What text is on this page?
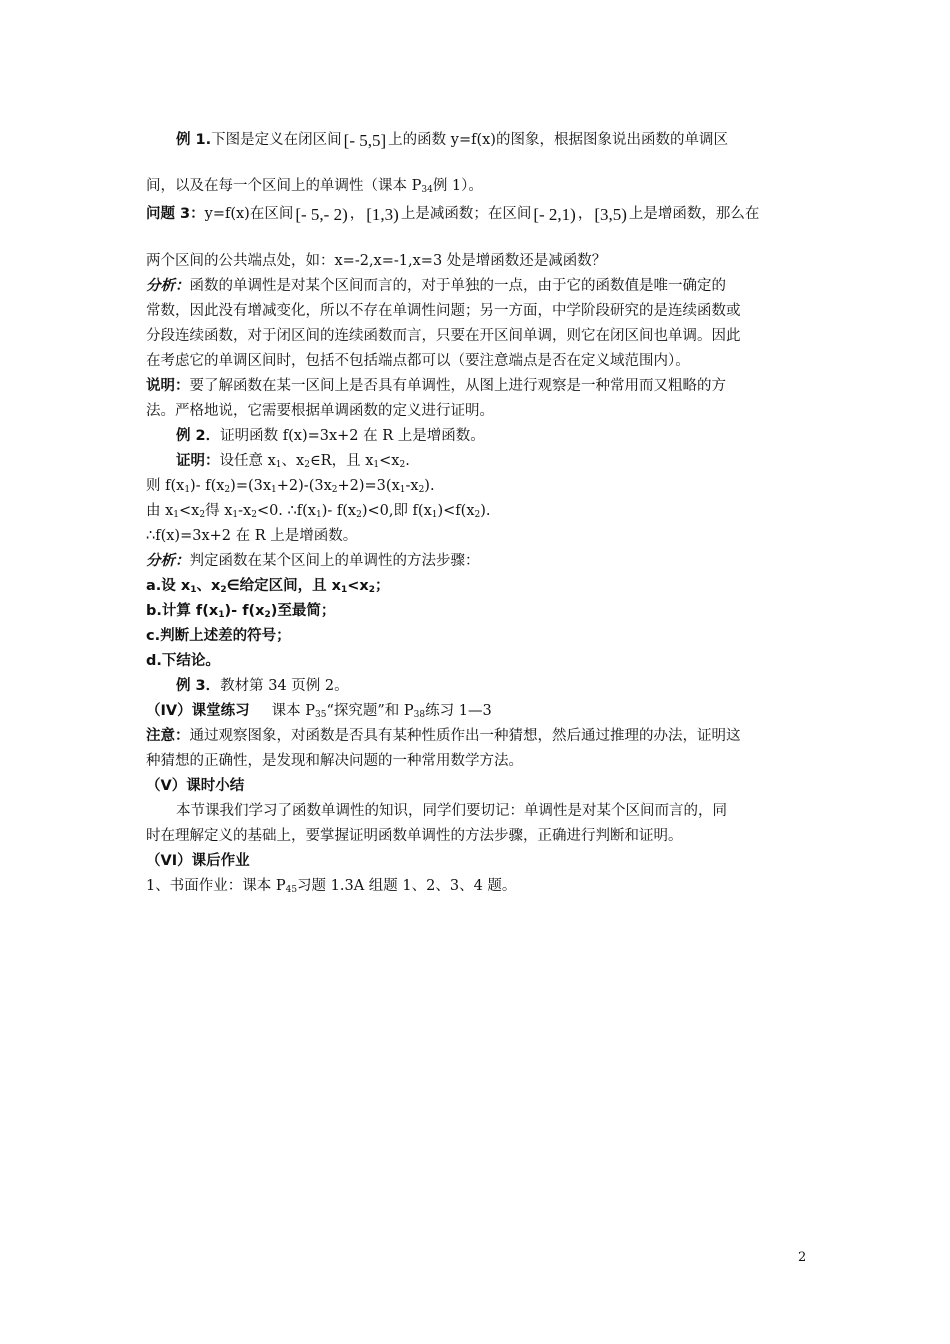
例 1.下图是定义在闭区间 [- 5,5] 上的函数 y=f(x)的图象，根据图象说出函数的单调区
间，以及在每一个区间上的单调性（课本 $P_{34}$例 1）。
问题 3：y=f(x)在区间 [- 5,- 2) ， [1,3) 上是减函数；在区间 [- 2,1) ， [3,5) 上是增函数，那么在
两个区间的公共端点处，如：x=-2,x=-1,x=3 处是增函数还是减函数？
分析：函数的单调性是对某个区间而言的，对于单独的一点，由于它的函数值是唯一确定的
常数，因此没有增减变化，所以不存在单调性问题；另一方面，中学阶段研究的是连续函数或
分段连续函数，对于闭区间的连续函数而言，只要在开区间单调，则它在闭区间也单调。因此
在考虑它的单调区间时，包括不包括端点都可以（要注意端点是否在定义域范围内）。
说明：要了解函数在某一区间上是否具有单调性，从图上进行观察是一种常用而又粗略的方
法。严格地说，它需要根据单调函数的定义进行证明。
例 2．证明函数 f(x)=3x+2 在 R 上是增函数。
证明：设任意 $x_1$、$x_2\in R$，且 $x_1<x_2$.
则 $f(x_1)-$ $f(x_2)=(3x_1+2)-(3x_2+2)=3(x_1-x_2)$.
由 $x_1<x_2$得 $x_1-x_2<0$. $\therefore f(x_1)-$ $f(x_2)<0$,即 $f(x_1)<f(x_2)$.
∴f(x)=3x+2 在 R 上是增函数。
分析：判定函数在某个区间上的单调性的方法步骤：
a.设 $x_1$、$x_2\in$给定区间，且 $x_1<x_2$；
b.计算 $f(x_1)-$ $f(x_2)$至最简；
c.判断上述差的符号；
d.下结论。
例 3．教材第 34 页例 2。
（IV）课堂练习 课本 $P_{35}“$探究题”和 $P_{38}$练习 1—3
注意：通过观察图象，对函数是否具有某种性质作出一种猜想，然后通过推理的办法，证明这
种猜想的正确性，是发现和解决问题的一种常用数学方法。
（V）课时小结
本节课我们学习了函数单调性的知识，同学们要切记：单调性是对某个区间而言的，同
时在理解定义的基础上，要掌握证明函数单调性的方法步骤，正确进行判断和证明。
（VI）课后作业
1、书面作业：课本 $P_{45}$习题 1.3A 组题 1、2、3、4 题。
2
